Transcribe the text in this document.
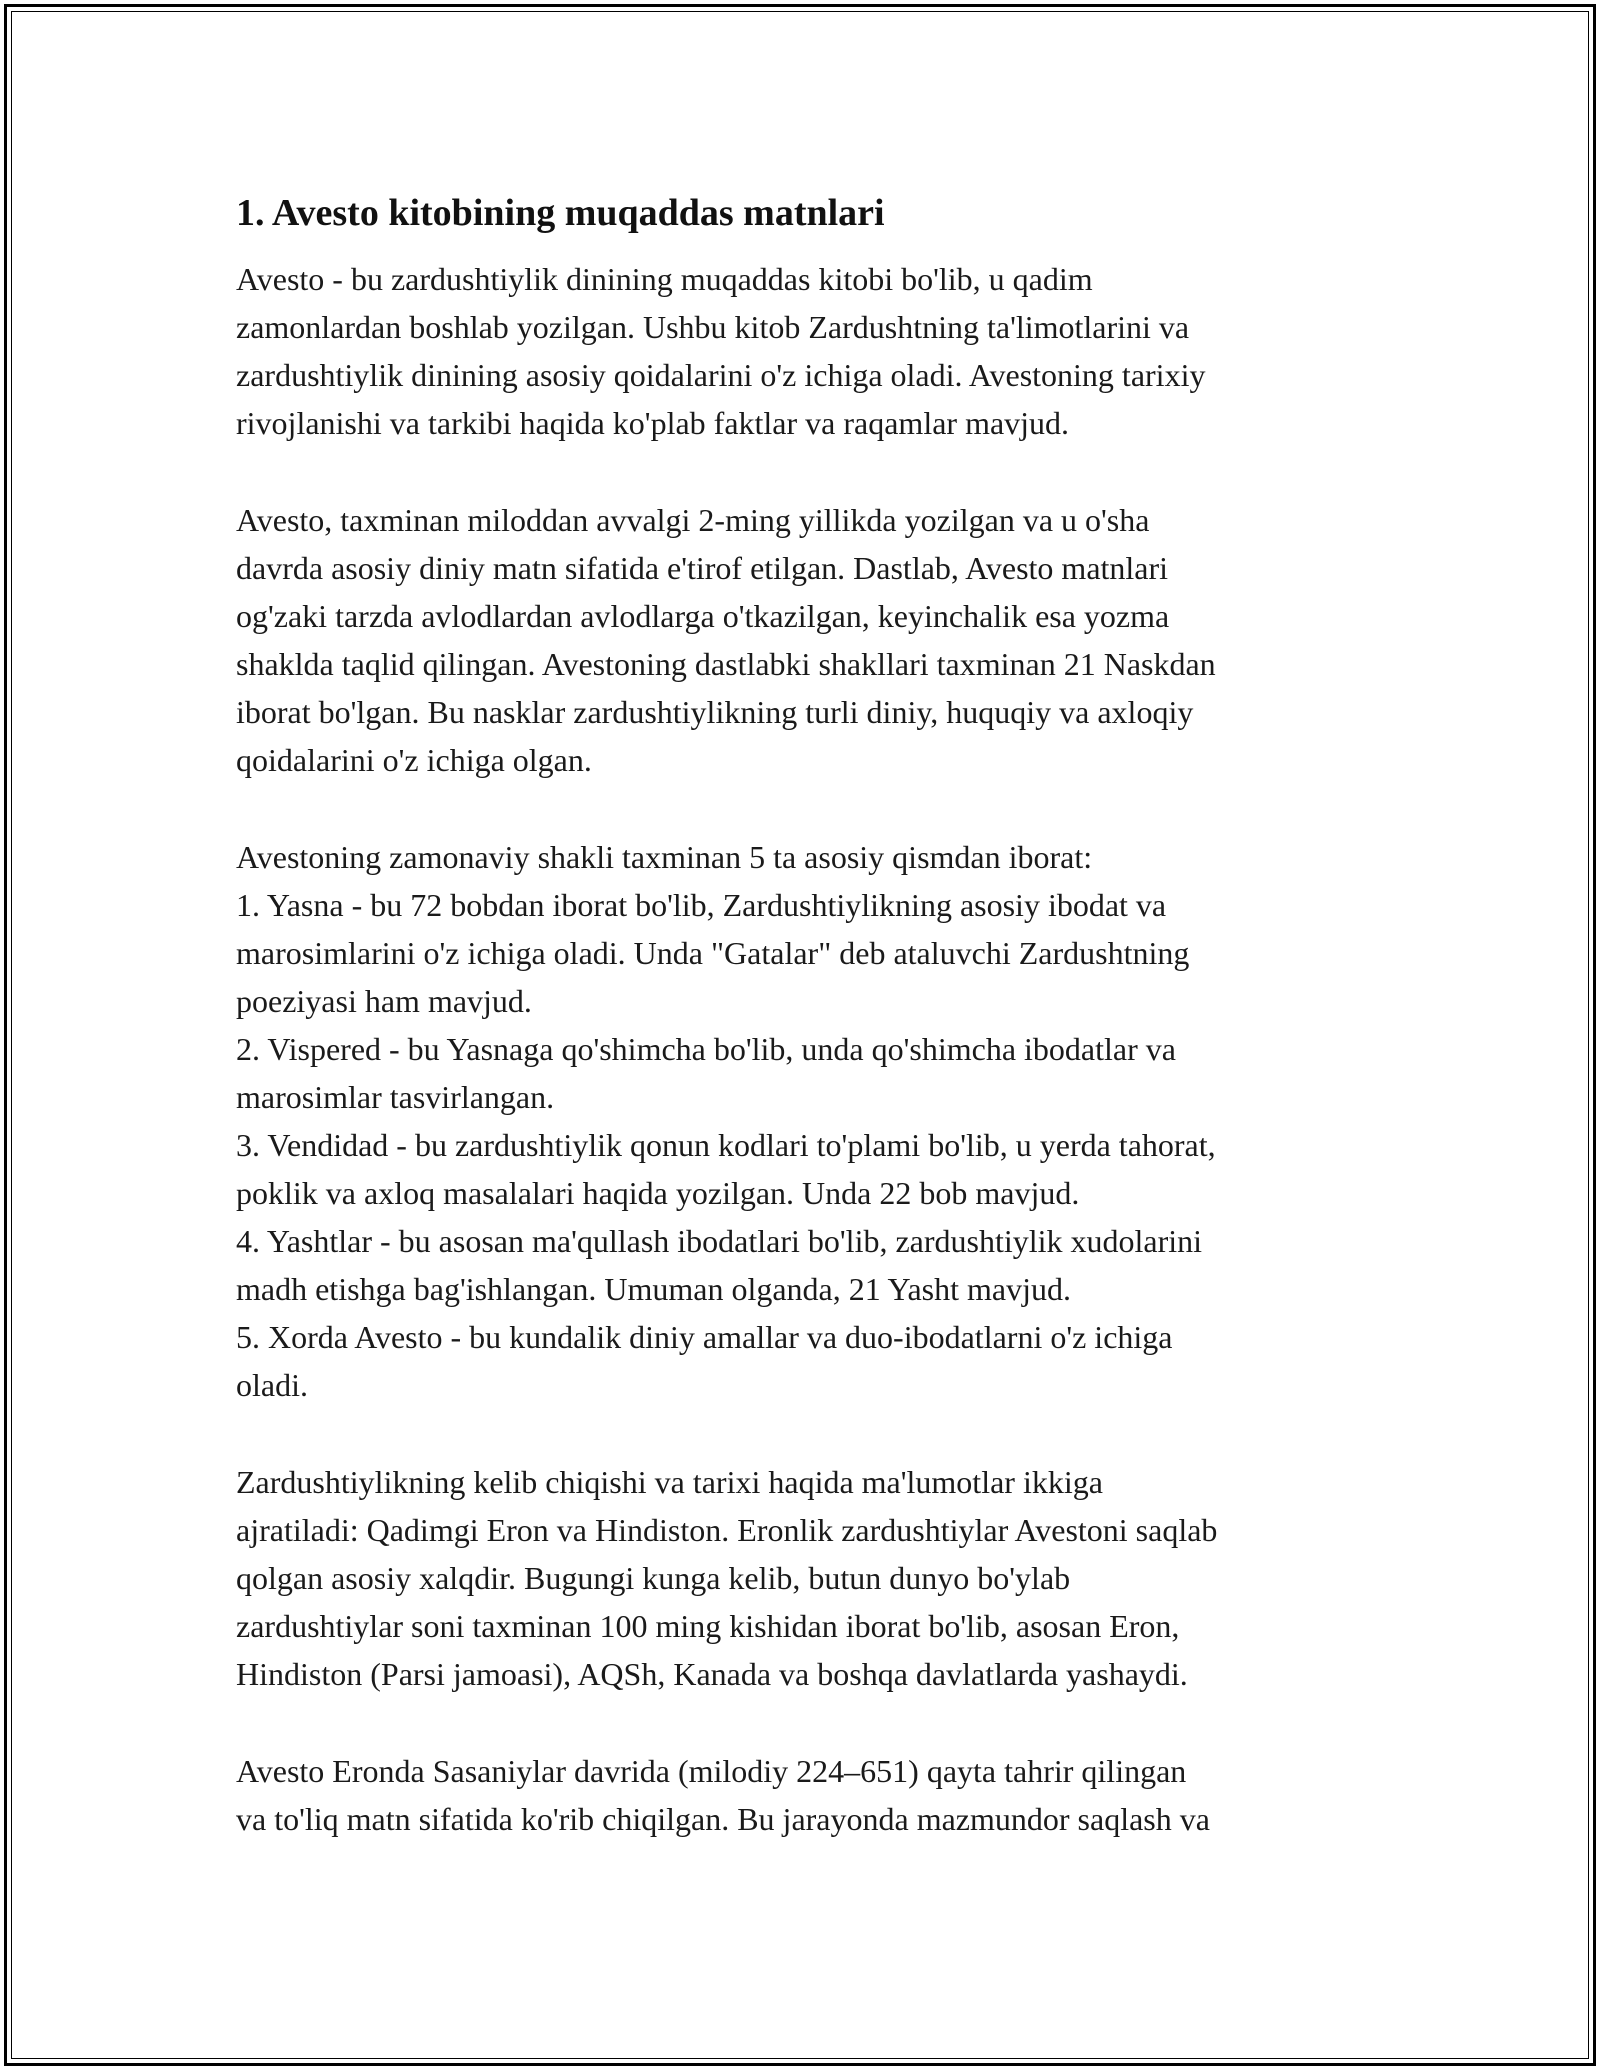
1. Avesto kitobining muqaddas matnlari
Avesto - bu zardushtiylik dinining muqaddas kitobi bo'lib, u qadim
zamonlardan boshlab yozilgan. Ushbu kitob Zardushtning ta'limotlarini va
zardushtiylik dinining asosiy qoidalarini o'z ichiga oladi. Avestoning tarixiy
rivojlanishi va tarkibi haqida ko'plab faktlar va raqamlar mavjud.
Avesto, taxminan miloddan avvalgi 2-ming yillikda yozilgan va u o'sha
davrda asosiy diniy matn sifatida e'tirof etilgan. Dastlab, Avesto matnlari
og'zaki tarzda avlodlardan avlodlarga o'tkazilgan, keyinchalik esa yozma
shaklda taqlid qilingan. Avestoning dastlabki shakllari taxminan 21 Naskdan
iborat bo'lgan. Bu nasklar zardushtiylikning turli diniy, huquqiy va axloqiy
qoidalarini o'z ichiga olgan.
Avestoning zamonaviy shakli taxminan 5 ta asosiy qismdan iborat:
1. Yasna - bu 72 bobdan iborat bo'lib, Zardushtiylikning asosiy ibodat va
marosimlarini o'z ichiga oladi. Unda "Gatalar" deb ataluvchi Zardushtning
poeziyasi ham mavjud.
2. Vispered - bu Yasnaga qo'shimcha bo'lib, unda qo'shimcha ibodatlar va
marosimlar tasvirlangan.
3. Vendidad - bu zardushtiylik qonun kodlari to'plami bo'lib, u yerda tahorat,
poklik va axloq masalalari haqida yozilgan. Unda 22 bob mavjud.
4. Yashtlar - bu asosan ma'qullash ibodatlari bo'lib, zardushtiylik xudolarini
madh etishga bag'ishlangan. Umuman olganda, 21 Yasht mavjud.
5. Xorda Avesto - bu kundalik diniy amallar va duo-ibodatlarni o'z ichiga
oladi.
Zardushtiylikning kelib chiqishi va tarixi haqida ma'lumotlar ikkiga
ajratiladi: Qadimgi Eron va Hindiston. Eronlik zardushtiylar Avestoni saqlab
qolgan asosiy xalqdir. Bugungi kunga kelib, butun dunyo bo'ylab
zardushtiylar soni taxminan 100 ming kishidan iborat bo'lib, asosan Eron,
Hindiston (Parsi jamoasi), AQSh, Kanada va boshqa davlatlarda yashaydi.
Avesto Eronda Sasaniylar davrida (milodiy 224–651) qayta tahrir qilingan
va to'liq matn sifatida ko'rib chiqilgan. Bu jarayonda mazmundor saqlash va
